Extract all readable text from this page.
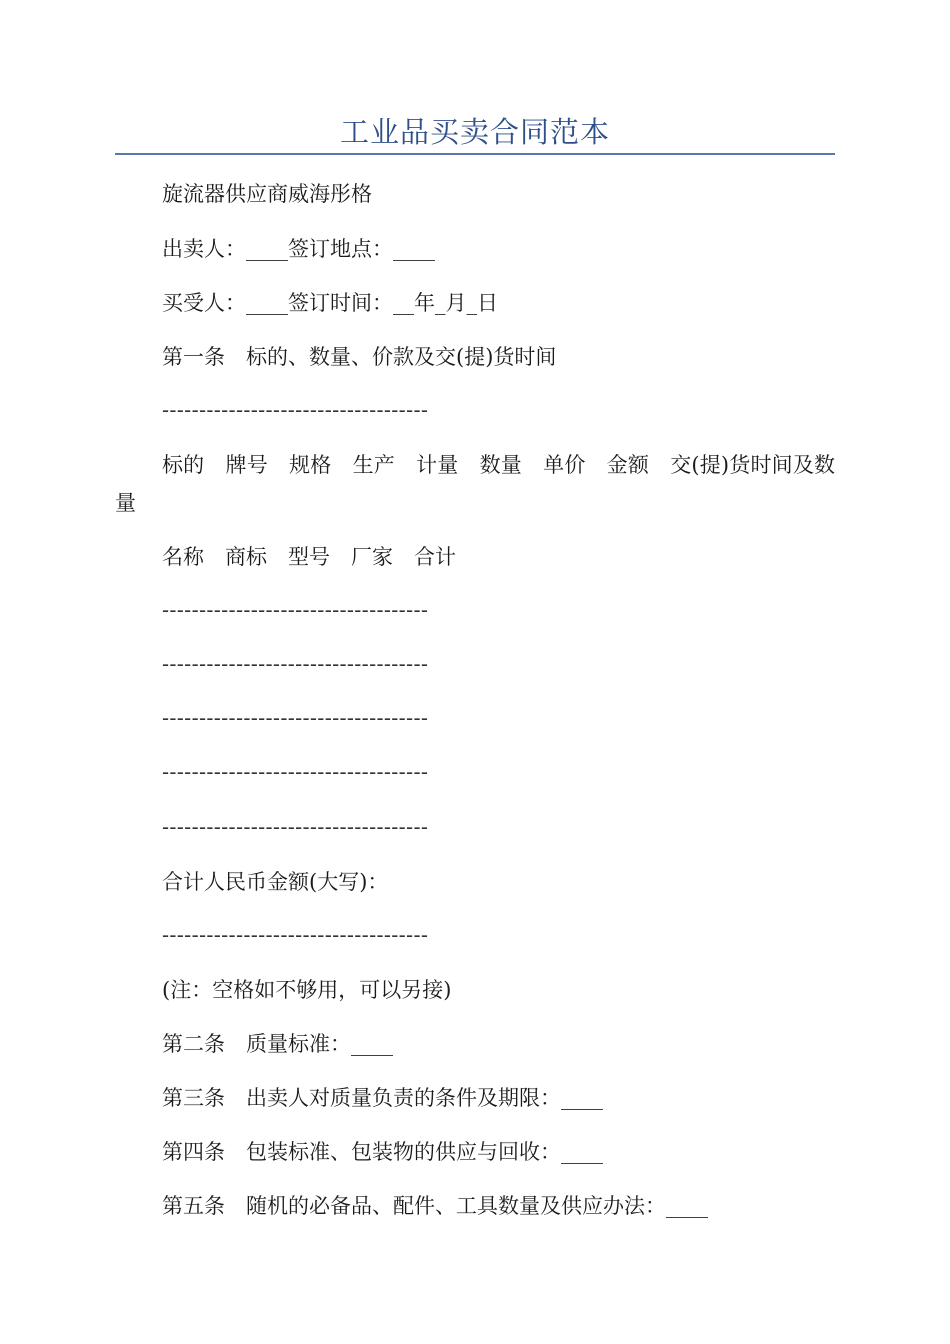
工业品买卖合同范本
旋流器供应商威海彤格
出卖人：____签订地点：____
买受人：____签订时间：__年_月_日
第一条　标的、数量、价款及交(提)货时间
------------------------------------
标的　牌号　规格　生产　计量　数量　单价　金额　交(提)货时间及数量
名称　商标　型号　厂家　合计
------------------------------------
------------------------------------
------------------------------------
------------------------------------
------------------------------------
合计人民币金额(大写)：
------------------------------------
(注：空格如不够用，可以另接)
第二条　质量标准：____
第三条　出卖人对质量负责的条件及期限：____
第四条　包装标准、包装物的供应与回收：____
第五条　随机的必备品、配件、工具数量及供应办法：____
